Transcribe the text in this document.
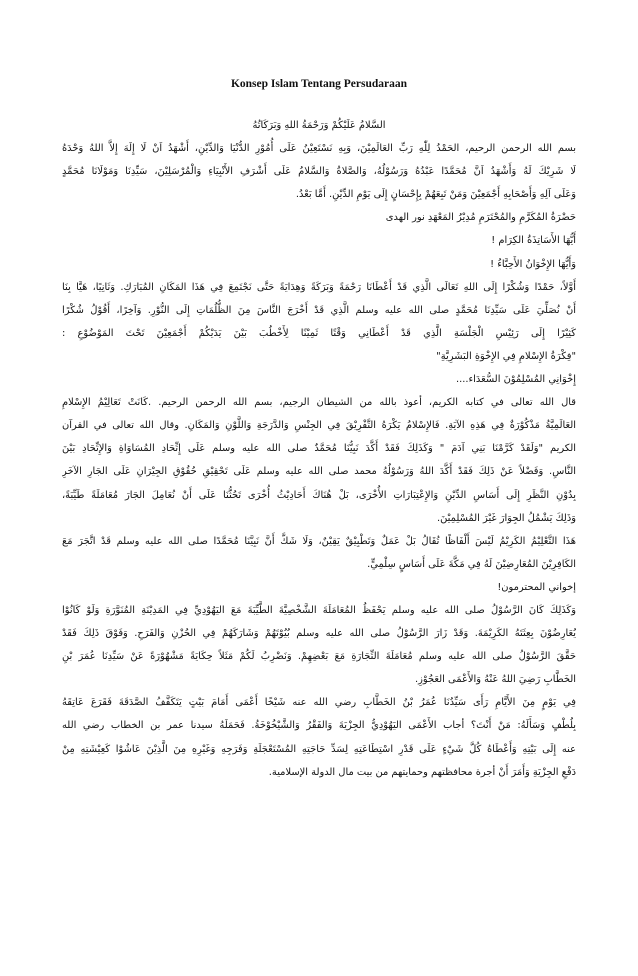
Konsep Islam Tentang Persudaraan
السَّلامُ عَلَيْكُمْ وَرَحْمَةُ اللهِ وَبَرَكَاتُهُ
بسم الله الرحمن الرحيم، الحَمْدُ لِلّٰهِ رَبِّ العَالَمِيْنَ، وَبِهِ نَسْتَعِيْنُ عَلَى أُمُوْرِ الدُّنْيَا وَالدِّيْنِ، أَشْهَدُ اَنْ لَا إِلَهَ إِلاَّ اللهُ وَحْدَهُ
لَا شَرِيْكَ لَهُ وَأَشْهَدُ اَنَّ مُحَمَّدًا عَبْدُهُ وَرَسُوْلُهُ، وَالصَّلاةُ وَالسَّلامُ عَلَى أَشْرَفِ الأَنْبِيَاءِ وَالْمُرْسَلِيْنَ، سَيِّدِنَا وَمَوْلَانَا مُحَمَّدٍ
وَعَلَى آلِهِ وَأَصْحَابِهِ أَجْمَعِيْنَ وَمَنْ تَبِعَهُمْ بِإِحْسَانٍ إِلَى يَوْمِ الدِّيْنِ. أَمَّا بَعْدُ.
حَضْرَةُ المُكَرَّمِ والمُحْتَرَمِ مُدِيْرُ المَعْهَدِ نور الهدى
أَيُّهَا الأَسَاتِذَةُ الكِرَام !
وَأَيُّهَا الإِخْوَانُ الأَحِبَّاءُ !
أَوَّلاً، حَمْدًا وَشُكْرًا إِلَى اللهِ تَعَالَى الَّذِي قَدْ أَعْطَانَا رَحْمَةً وَبَرَكَةً وَهِدَايَةً حَتَّى نَجْتَمِعَ فِي هَذَا المَكَانِ المُبَارَكِ. وَثَانِيًا، هَيَّا بِنَا
أَنْ نُصَلِّيَ عَلَى سَيِّدِنَا مُحَمَّدٍ صلى الله عليه وسلم الَّذِي قَدْ أَخْرَجَ النَّاسَ مِنَ الظُّلُمَاتِ إِلَى النُّوْرِ. وَآخِرًا، أَقُوْلُ شُكْرًا
كَثِيْرًا إِلَى رَئِيْسِ الْجَلْسَةِ الَّذِي قَدْ أَعْطَانِي وَقْتًا ثَمِيْنًا لِأَخْطُبَ بَيْنَ يَدَيْكُمْ أَجْمَعِيْنَ تَحْتَ المَوْضُوْعِ :
"فِكْرَةُ الإِسْلامِ فِي الإِخْوَةِ البَشَرِيَّةِ"
إِخْوَانِي المُسْلِمُوْنَ السُّعَدَاء....
قال الله تعالى في كتابه الكريم، أعوذ بالله من الشيطان الرجيم، بسم الله الرحمن الرحيم. .كَانَتْ تَعَالِيْمُ الإِسْلامِ
العَالَمِيَّةُ مَذْكُوْرَةٌ فِي هَذِهِ الآيَةِ. فَالإِسْلامُ يَكْرَهُ التَّفْرِيْقَ فِي الجِنْسِ وَالدَّرَجَةِ وَاللَّوْنِ وَالمَكَانِ. وقال الله تعالى في القرآن
الكريم "وَلَقَدْ كَرَّمْنَا بَنِي آدَمَ " وَكَذَلِكَ فَقَدْ أَكَّدَ نَبِيُّنَا مُحَمَّدٌ صلى الله عليه وسلم عَلَى إِتِّحَادِ المُسَاوَاةِ وَالإِتِّحَادِ بَيْنَ
النَّاسِ. وَفَضْلاً عَنْ ذَلِكَ فَقَدْ أَكَّدَ اللهُ وَرَسُوْلُهُ محمد صلى الله عليه وسلم عَلَى تَحْقِيْقِ حُقُوْقِ الجِيْرَانِ عَلَى الجَارِ الآخَرِ
بِدُوْنِ النَّظَرِ إِلَى أَسَاسِ الدِّيْنِ وَالإِعْتِبَارَاتِ الأُخْرَى، بَلْ هُنَاكَ أَحَادِيْثُ أُخْرَى تَحُثُّنَا عَلَى أَنْ نُعَامِلَ الجَارَ مُعَامَلَةً طَيِّبَةً،
وَذَلِكَ يَشْمُلُ الجِوَارَ غَيْرَ المُسْلِمِيْنَ.
هَذَا التَّعْلِيْمُ الكَرِيْمُ لَيْسَ أَلْفَاظًا تُقَالُ بَلْ عَمَلٌ وَتَطْبِيْقٌ يَقِيْنٌ، وَلَا شَكَّ أَنَّ نَبِيَّنَا مُحَمَّدًا صلى الله عليه وسلم قَدْ اتَّجَرَ مَعَ
الكَافِرِيْنَ المُعَارِضِيْنَ لَهُ فِي مَكَّةَ عَلَى أَسَاسٍ سِلْمِيٍّ.
إخواني المحترمون!
وَكَذَلِكَ كَانَ الرَّسُوْلُ صلى الله عليه وسلم يَحْفَظُ المُعَامَلَةَ الشَّخْصِيَّةَ الطَّيِّبَةَ مَعَ اليَهُوْدِيِّ فِي المَدِيْنَةِ المُنَوَّرَةِ وَلَوْ كَانُوْا
يُعَارِضُوْنَ بِعِثَتَهُ الكَرِيْمَةَ. وَقَدْ زَارَ الرَّسُوْلُ صلى الله عليه وسلم بُيُوْتَهُمْ وَشَارَكَهُمْ فِي الحُزْنِ وَالفَرَحِ. وَفَوْقَ ذَلِكَ فَقَدْ
حَقَّقَ الرَّسُوْلُ صلى الله عليه وسلم مُعَامَلَةَ التِّجَارَةِ مَعَ بَعْضِهِمْ. وَنَضْرِبُ لَكُمْ مَثَلاً حِكَايَةً مَشْهُوْرَةً عَنْ سَيِّدِنَا عُمَرَ بْنِ
الخَطَّابِ رَضِيَ اللهُ عَنْهُ وَالأَعْمَى العَجُوْزِ.
فِي يَوْمٍ مِنَ الأَيَّامِ رَأَى سَيِّدُنَا عُمَرُ بْنُ الخَطَّابِ رضي الله عنه شَيْخًا أَعْمَى أَمَامَ بَيْتٍ يَتَكَفَّفُ الصَّدَقَةَ فَقَرَعَ عَاتِقَهُ
بِلُطْفٍ وَسَأَلَهُ: مَنْ أَنْتَ؟ أجاب الأَعْمَى اليَهُوْدِيُّ الجِزْيَةَ وَالفَقْرُ وَالشَّيْخُوْخَةُ. فَحَمَلَهُ سيدنا عمر بن الخطاب رضي الله
عنه إِلَى بَيْتِهِ وَأَعْطَاهُ كُلَّ شَيْءٍ عَلَى قَدْرِ اسْتِطَاعَتِهِ لِسَدِّ حَاجَتِهِ المُسْتَعْجَلَةِ وَفَرَجِهِ وَغَيْرِهِ مِنَ الَّذِيْنَ عَاشُوْا كَعِيْشَتِهِ مِنْ
دَفْعِ الجِزْيَةِ وَأَمَرَ أَنْ أجرة محافظتهم وحمايتهم من بيت مال الدولة الإسلامية.
